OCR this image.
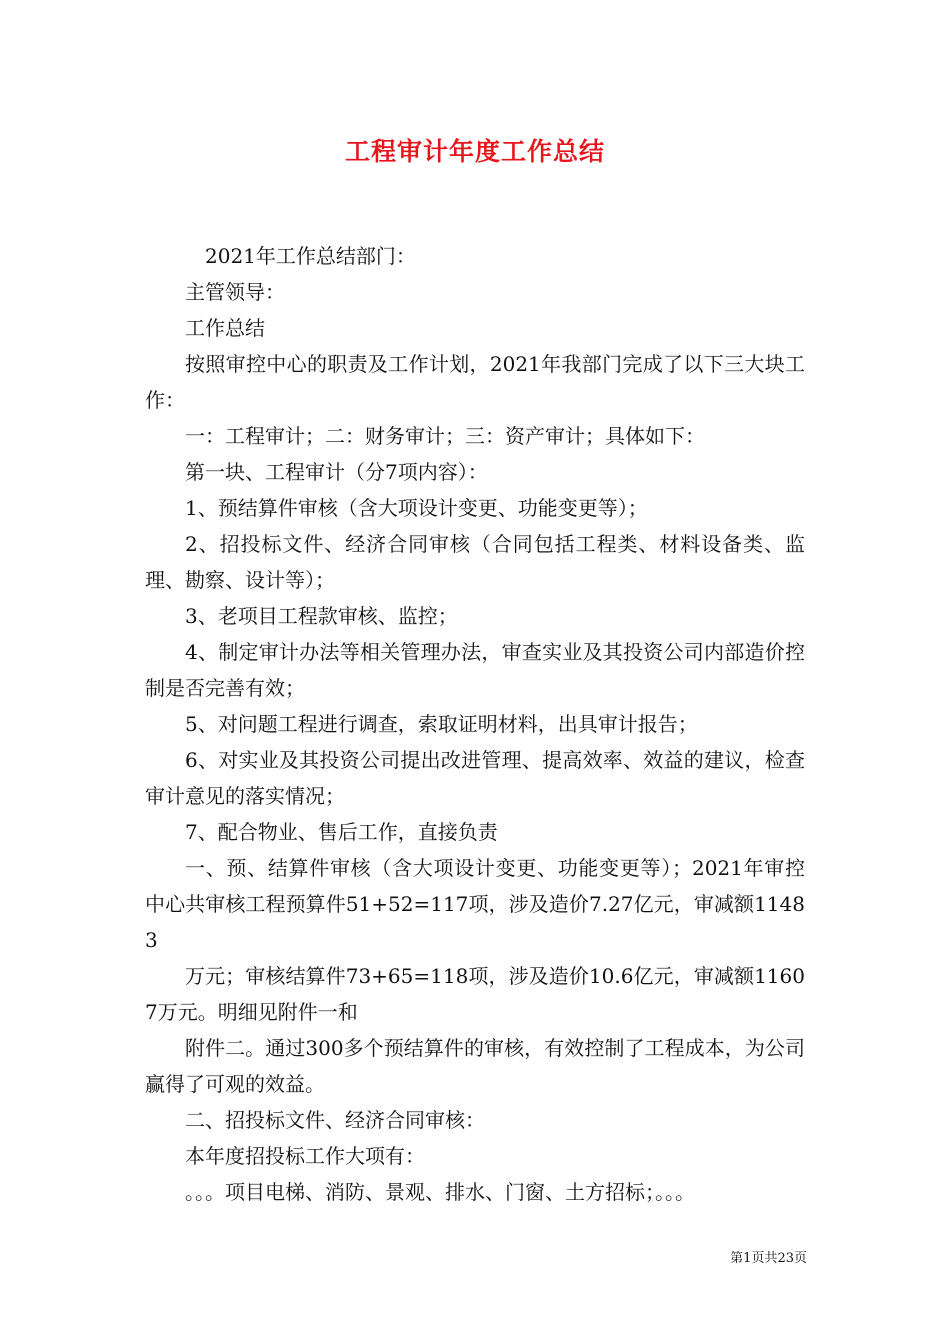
工程审计年度工作总结

2021年工作总结部门：

主管领导：

工作总结

按照审控中心的职责及工作计划，2021年我部门完成了以下三大块工作：

一：工程审计；二：财务审计；三：资产审计；具体如下：

第一块、工程审计（分7项内容）：

1、预结算件审核（含大项设计变更、功能变更等）；

2、招投标文件、经济合同审核（合同包括工程类、材料设备类、监理、勘察、设计等）；

3、老项目工程款审核、监控；

4、制定审计办法等相关管理办法，审查实业及其投资公司内部造价控制是否完善有效；

5、对问题工程进行调查，索取证明材料，出具审计报告；

6、对实业及其投资公司提出改进管理、提高效率、效益的建议，检查审计意见的落实情况；

7、配合物业、售后工作，直接负责

一、预、结算件审核（含大项设计变更、功能变更等）；2021年审控中心共审核工程预算件51+52=117项，涉及造价7.27亿元，审减额11483

万元；审核结算件73+65=118项，涉及造价10.6亿元，审减额11607万元。明细见附件一和

附件二。通过300多个预结算件的审核，有效控制了工程成本，为公司赢得了可观的效益。

二、招投标文件、经济合同审核：

本年度招投标工作大项有：

。。。项目电梯、消防、景观、排水、门窗、土方招标；。。。

第1页共23页
